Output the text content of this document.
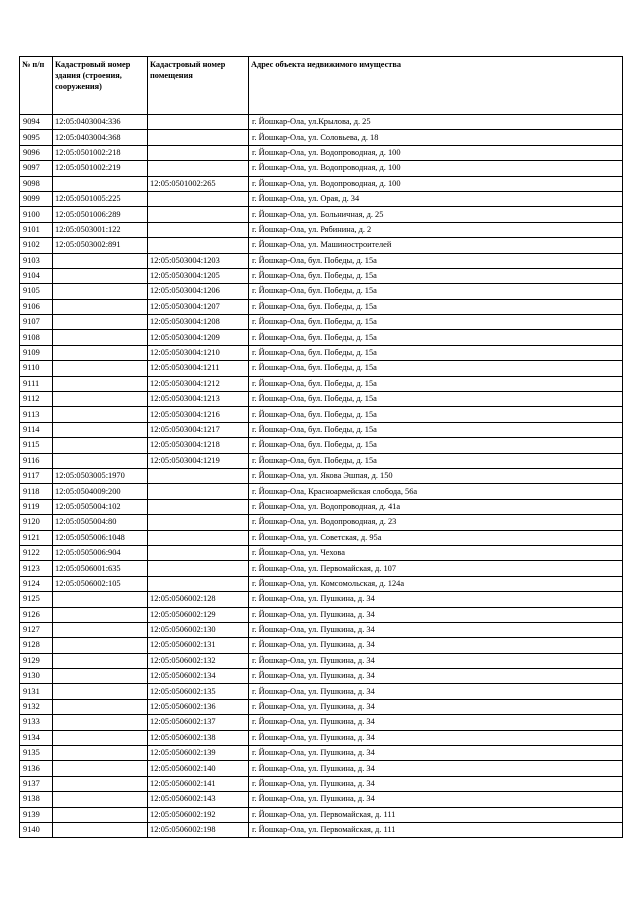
№ п/п	Кадастровый номер здания (строения, сооружения)	Кадастровый номер помещения	Адрес объекта недвижимого имущества
9094	12:05:0403004:336		г. Йошкар-Ола, ул.Крылова, д. 25
9095	12:05:0403004:368		г. Йошкар-Ола, ул. Соловьева, д. 18
9096	12:05:0501002:218		г. Йошкар-Ола, ул. Водопроводная, д. 100
9097	12:05:0501002:219		г. Йошкар-Ола, ул. Водопроводная, д. 100
9098		12:05:0501002:265	г. Йошкар-Ола, ул. Водопроводная, д. 100
9099	12:05:0501005:225		г. Йошкар-Ола, ул. Орая, д. 34
9100	12:05:0501006:289		г. Йошкар-Ола, ул. Больничная, д. 25
9101	12:05:0503001:122		г. Йошкар-Ола, ул. Рябинина, д. 2
9102	12:05:0503002:891		г. Йошкар-Ола, ул. Машиностроителей
9103		12:05:0503004:1203	г. Йошкар-Ола, бул. Победы, д. 15а
9104		12:05:0503004:1205	г. Йошкар-Ола, бул. Победы, д. 15а
9105		12:05:0503004:1206	г. Йошкар-Ола, бул. Победы, д. 15а
9106		12:05:0503004:1207	г. Йошкар-Ола, бул. Победы, д. 15а
9107		12:05:0503004:1208	г. Йошкар-Ола, бул. Победы, д. 15а
9108		12:05:0503004:1209	г. Йошкар-Ола, бул. Победы, д. 15а
9109		12:05:0503004:1210	г. Йошкар-Ола, бул. Победы, д. 15а
9110		12:05:0503004:1211	г. Йошкар-Ола, бул. Победы, д. 15а
9111		12:05:0503004:1212	г. Йошкар-Ола, бул. Победы, д. 15а
9112		12:05:0503004:1213	г. Йошкар-Ола, бул. Победы, д. 15а
9113		12:05:0503004:1216	г. Йошкар-Ола, бул. Победы, д. 15а
9114		12:05:0503004:1217	г. Йошкар-Ола, бул. Победы, д. 15а
9115		12:05:0503004:1218	г. Йошкар-Ола, бул. Победы, д. 15а
9116		12:05:0503004:1219	г. Йошкар-Ола, бул. Победы, д. 15а
9117	12:05:0503005:1970		г. Йошкар-Ола, ул. Якова Эшпая, д. 150
9118	12:05:0504009:200		г. Йошкар-Ола, Красноармейская слобода, 56а
9119	12:05:0505004:102		г. Йошкар-Ола, ул. Водопроводная, д. 41а
9120	12:05:0505004:80		г. Йошкар-Ола, ул. Водопроводная, д. 23
9121	12:05:0505006:1048		г. Йошкар-Ола, ул. Советская, д. 95а
9122	12:05:0505006:904		г. Йошкар-Ола, ул. Чехова
9123	12:05:0506001:635		г. Йошкар-Ола, ул. Первомайская, д. 107
9124	12:05:0506002:105		г. Йошкар-Ола, ул. Комсомольская, д. 124а
9125		12:05:0506002:128	г. Йошкар-Ола, ул. Пушкина, д. 34
9126		12:05:0506002:129	г. Йошкар-Ола, ул. Пушкина, д. 34
9127		12:05:0506002:130	г. Йошкар-Ола, ул. Пушкина, д. 34
9128		12:05:0506002:131	г. Йошкар-Ола, ул. Пушкина, д. 34
9129		12:05:0506002:132	г. Йошкар-Ола, ул. Пушкина, д. 34
9130		12:05:0506002:134	г. Йошкар-Ола, ул. Пушкина, д. 34
9131		12:05:0506002:135	г. Йошкар-Ола, ул. Пушкина, д. 34
9132		12:05:0506002:136	г. Йошкар-Ола, ул. Пушкина, д. 34
9133		12:05:0506002:137	г. Йошкар-Ола, ул. Пушкина, д. 34
9134		12:05:0506002:138	г. Йошкар-Ола, ул. Пушкина, д. 34
9135		12:05:0506002:139	г. Йошкар-Ола, ул. Пушкина, д. 34
9136		12:05:0506002:140	г. Йошкар-Ола, ул. Пушкина, д. 34
9137		12:05:0506002:141	г. Йошкар-Ола, ул. Пушкина, д. 34
9138		12:05:0506002:143	г. Йошкар-Ола, ул. Пушкина, д. 34
9139		12:05:0506002:192	г. Йошкар-Ола, ул. Первомайская, д. 111
9140		12:05:0506002:198	г. Йошкар-Ола, ул. Первомайская, д. 111
